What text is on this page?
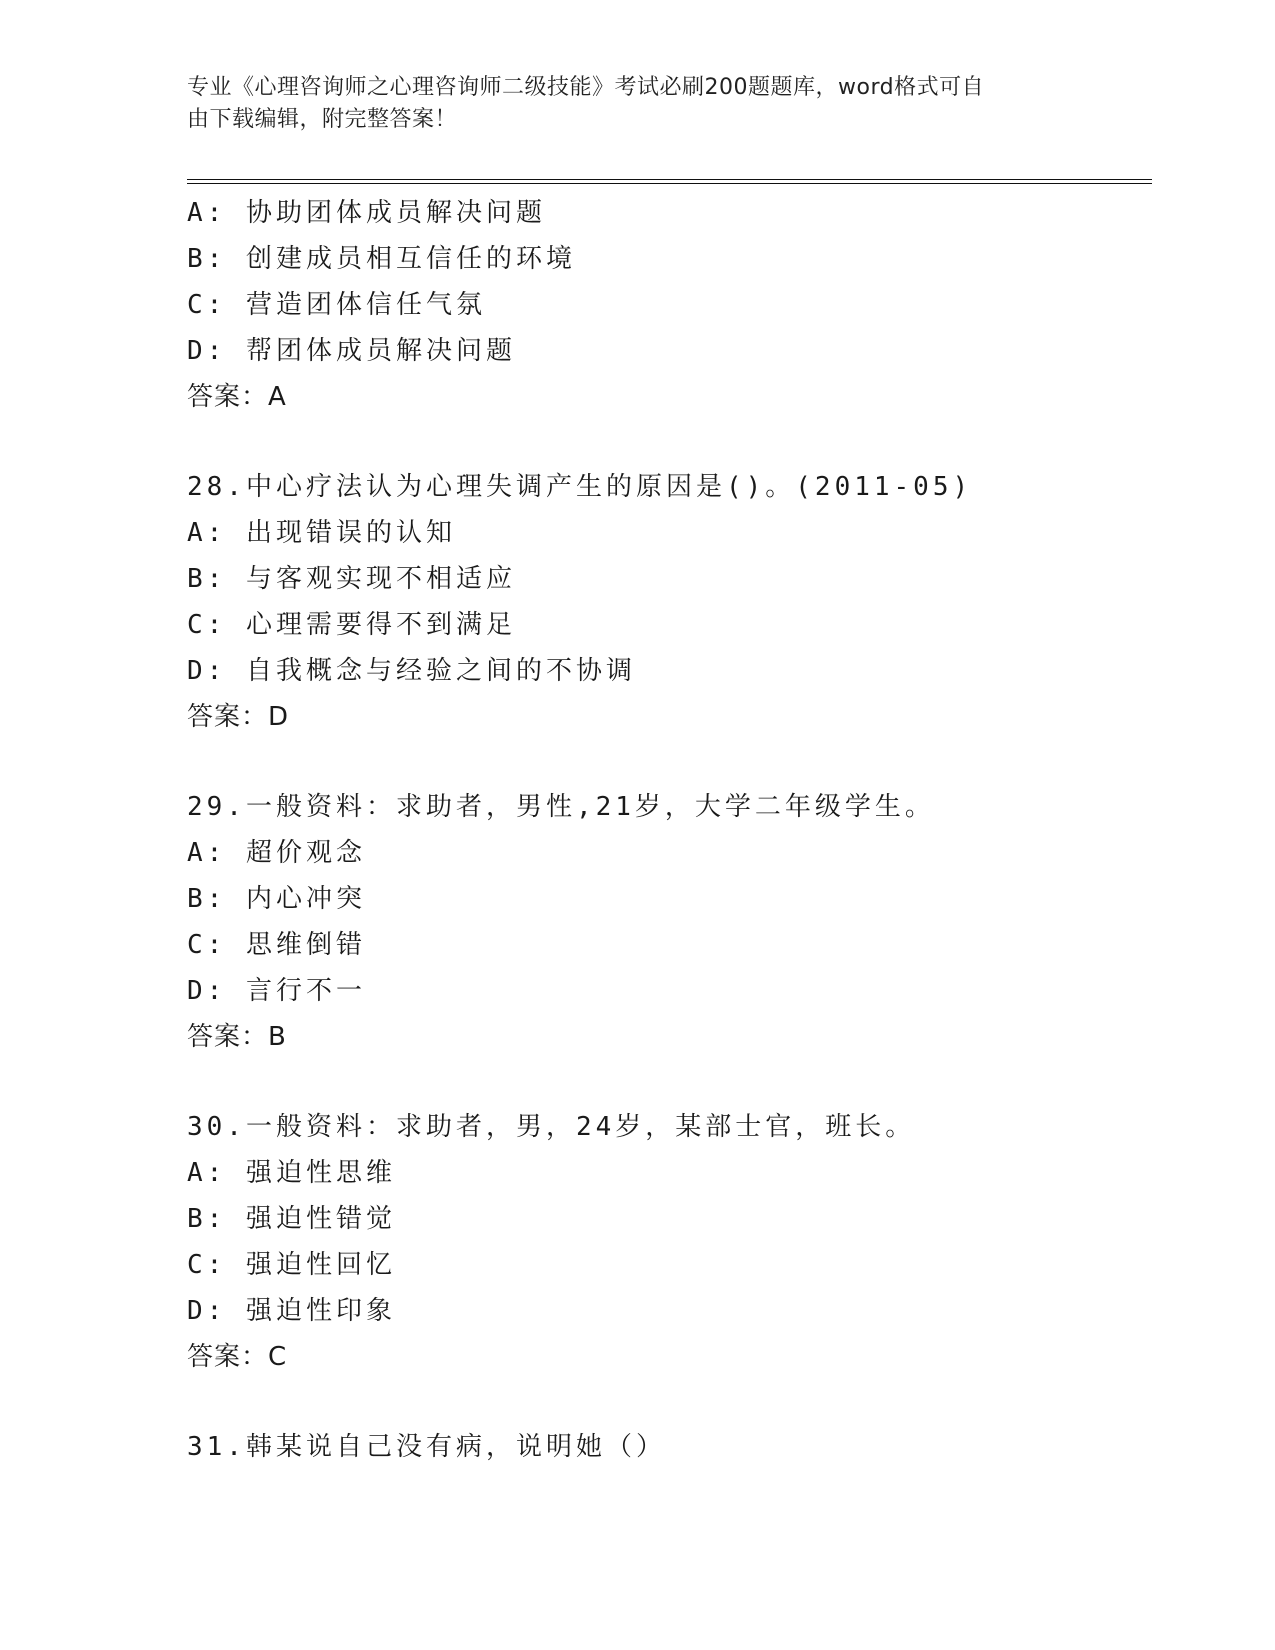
专业《心理咨询师之心理咨询师二级技能》考试必刷200题题库，word格式可自
由下载编辑，附完整答案！
A: 协助团体成员解决问题
B: 创建成员相互信任的环境
C: 营造团体信任气氛
D: 帮团体成员解决问题
答案：A
28.中心疗法认为心理失调产生的原因是()。(2011-05)
A: 出现错误的认知
B: 与客观实现不相适应
C: 心理需要得不到满足
D: 自我概念与经验之间的不协调
答案：D
29.一般资料：求助者，男性,21岁，大学二年级学生。
A: 超价观念
B: 内心冲突
C: 思维倒错
D: 言行不一
答案：B
30.一般资料：求助者，男，24岁，某部士官，班长。
A: 强迫性思维
B: 强迫性错觉
C: 强迫性回忆
D: 强迫性印象
答案：C
31.韩某说自己没有病，说明她（）
